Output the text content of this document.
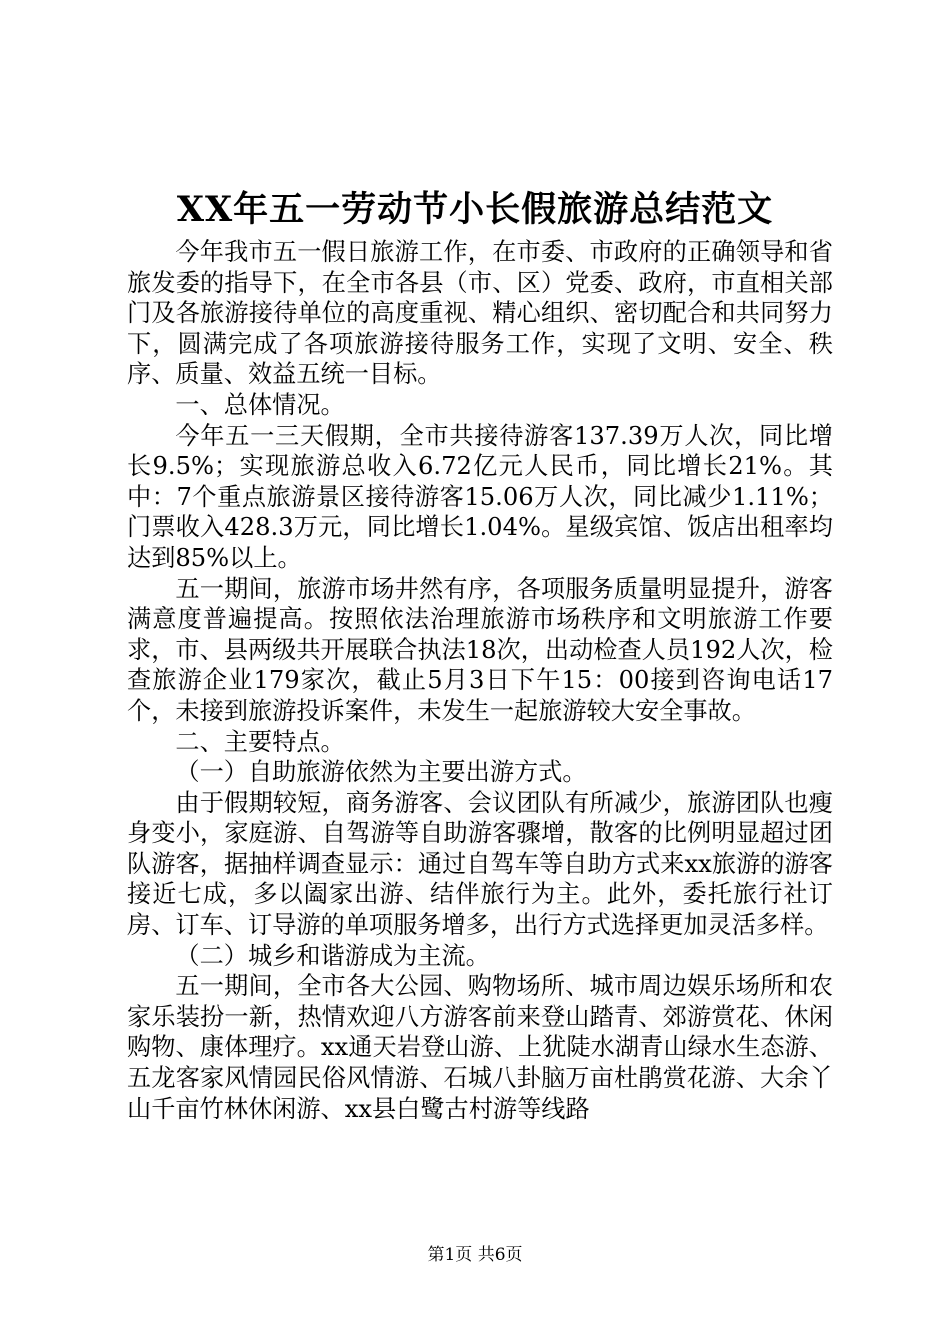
XX年五一劳动节小长假旅游总结范文

今年我市五一假日旅游工作，在市委、市政府的正确领导和省旅发委的指导下，在全市各县（市、区）党委、政府，市直相关部门及各旅游接待单位的高度重视、精心组织、密切配合和共同努力下，圆满完成了各项旅游接待服务工作，实现了文明、安全、秩序、质量、效益五统一目标。

一、总体情况。

今年五一三天假期，全市共接待游客137.39万人次，同比增长9.5%；实现旅游总收入6.72亿元人民币，同比增长21%。其中：7个重点旅游景区接待游客15.06万人次，同比减少1.11%；门票收入428.3万元，同比增长1.04%。星级宾馆、饭店出租率均达到85%以上。

五一期间，旅游市场井然有序，各项服务质量明显提升，游客满意度普遍提高。按照依法治理旅游市场秩序和文明旅游工作要求，市、县两级共开展联合执法18次，出动检查人员192人次，检查旅游企业179家次，截止5月3日下午15：00接到咨询电话17个，未接到旅游投诉案件，未发生一起旅游较大安全事故。

二、主要特点。

（一）自助旅游依然为主要出游方式。

由于假期较短，商务游客、会议团队有所减少，旅游团队也瘦身变小，家庭游、自驾游等自助游客骤增，散客的比例明显超过团队游客，据抽样调查显示：通过自驾车等自助方式来xx旅游的游客接近七成，多以阖家出游、结伴旅行为主。此外，委托旅行社订房、订车、订导游的单项服务增多，出行方式选择更加灵活多样。

（二）城乡和谐游成为主流。

五一期间，全市各大公园、购物场所、城市周边娱乐场所和农家乐装扮一新，热情欢迎八方游客前来登山踏青、郊游赏花、休闲购物、康体理疗。xx通天岩登山游、上犹陡水湖青山绿水生态游、五龙客家风情园民俗风情游、石城八卦脑万亩杜鹃赏花游、大余丫山千亩竹林休闲游、xx县白鹭古村游等线路

第1页 共6页
